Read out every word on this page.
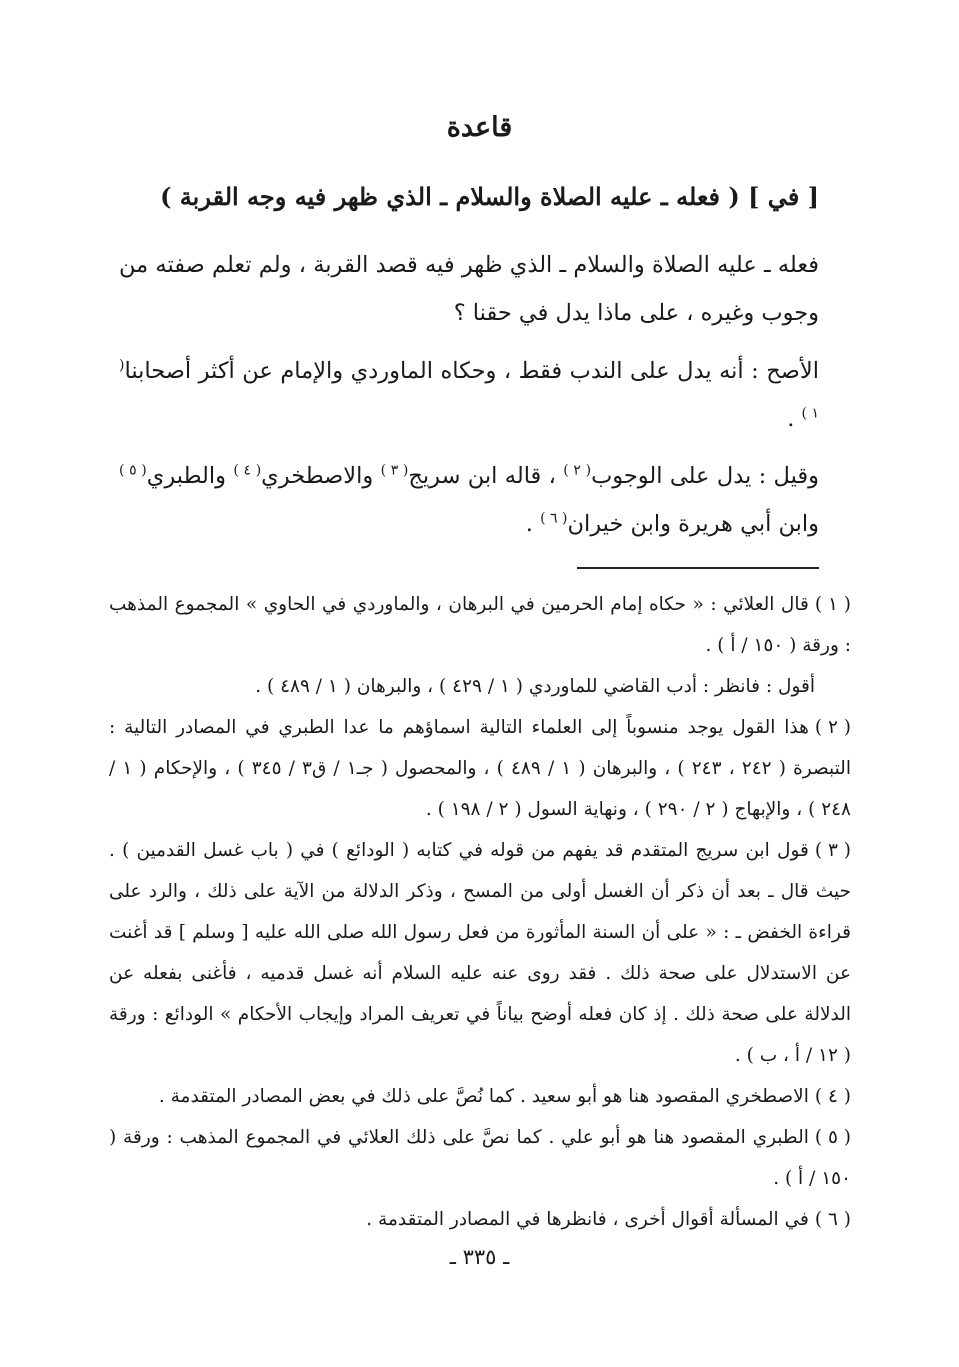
قاعدة
[ في ] ( فعله ـ عليه الصلاة والسلام ـ الذي ظهر فيه وجه القربة )

فعله ـ عليه الصلاة والسلام ـ الذي ظهر فيه قصد القربة ، ولم تعلم صفته من وجوب وغيره ، على ماذا يدل في حقنا ؟

الأصح : أنه يدل على الندب فقط ، وحكاه الماوردي والإمام عن أكثر أصحابنا$^{( ١ )}$ .

وقيل : يدل على الوجوب$^{( ٢ )}$ ، قاله ابن سريج$^{( ٣ )}$ والاصطخري$^{( ٤ )}$ والطبري$^{( ٥ )}$ وابن أبي هريرة وابن خيران$^{( ٦ )}$ .

( ١ )قال العلائي : « حكاه إمام الحرمين في البرهان ، والماوردي في الحاوي » المجموع المذهب : ورقة ( ١٥٠ / أ ) .
أقول : فانظر : أدب القاضي للماوردي ( ١ / ٤٢٩ ) ، والبرهان ( ١ / ٤٨٩ ) .
( ٢ )هذا القول يوجد منسوباً إلى العلماء التالية اسماؤهم ما عدا الطبري في المصادر التالية : التبصرة ( ٢٤٢ ، ٢٤٣ ) ، والبرهان ( ١ / ٤٨٩ ) ، والمحصول ( جـ١ / ق٣ / ٣٤٥ ) ، والإحكام ( ١ / ٢٤٨ ) ، والإبهاج ( ٢ / ٢٩٠ ) ، ونهاية السول ( ٢ / ١٩٨ ) .
( ٣ )قول ابن سريج المتقدم قد يفهم من قوله في كتابه ( الودائع ) في ( باب غسل القدمين ) . حيث قال ـ بعد أن ذكر أن الغسل أولى من المسح ، وذكر الدلالة من الآية على ذلك ، والرد على قراءة الخفض ـ : « على أن السنة المأثورة من فعل رسول الله صلى الله عليه [ وسلم ] قد أغنت عن الاستدلال على صحة ذلك . فقد روى عنه عليه السلام أنه غسل قدميه ، فأغنى بفعله عن الدلالة على صحة ذلك . إذ كان فعله أوضح بياناً في تعريف المراد وإيجاب الأحكام » الودائع : ورقة ( ١٢ / أ ، ب ) .
( ٤ )الاصطخري المقصود هنا هو أبو سعيد . كما نُصَّ على ذلك في بعض المصادر المتقدمة .
( ٥ )الطبري المقصود هنا هو أبو علي . كما نصَّ على ذلك العلائي في المجموع المذهب : ورقة ( ١٥٠ / أ ) .
( ٦ )في المسألة أقوال أخرى ، فانظرها في المصادر المتقدمة .

ـ ٣٣٥ ـ
